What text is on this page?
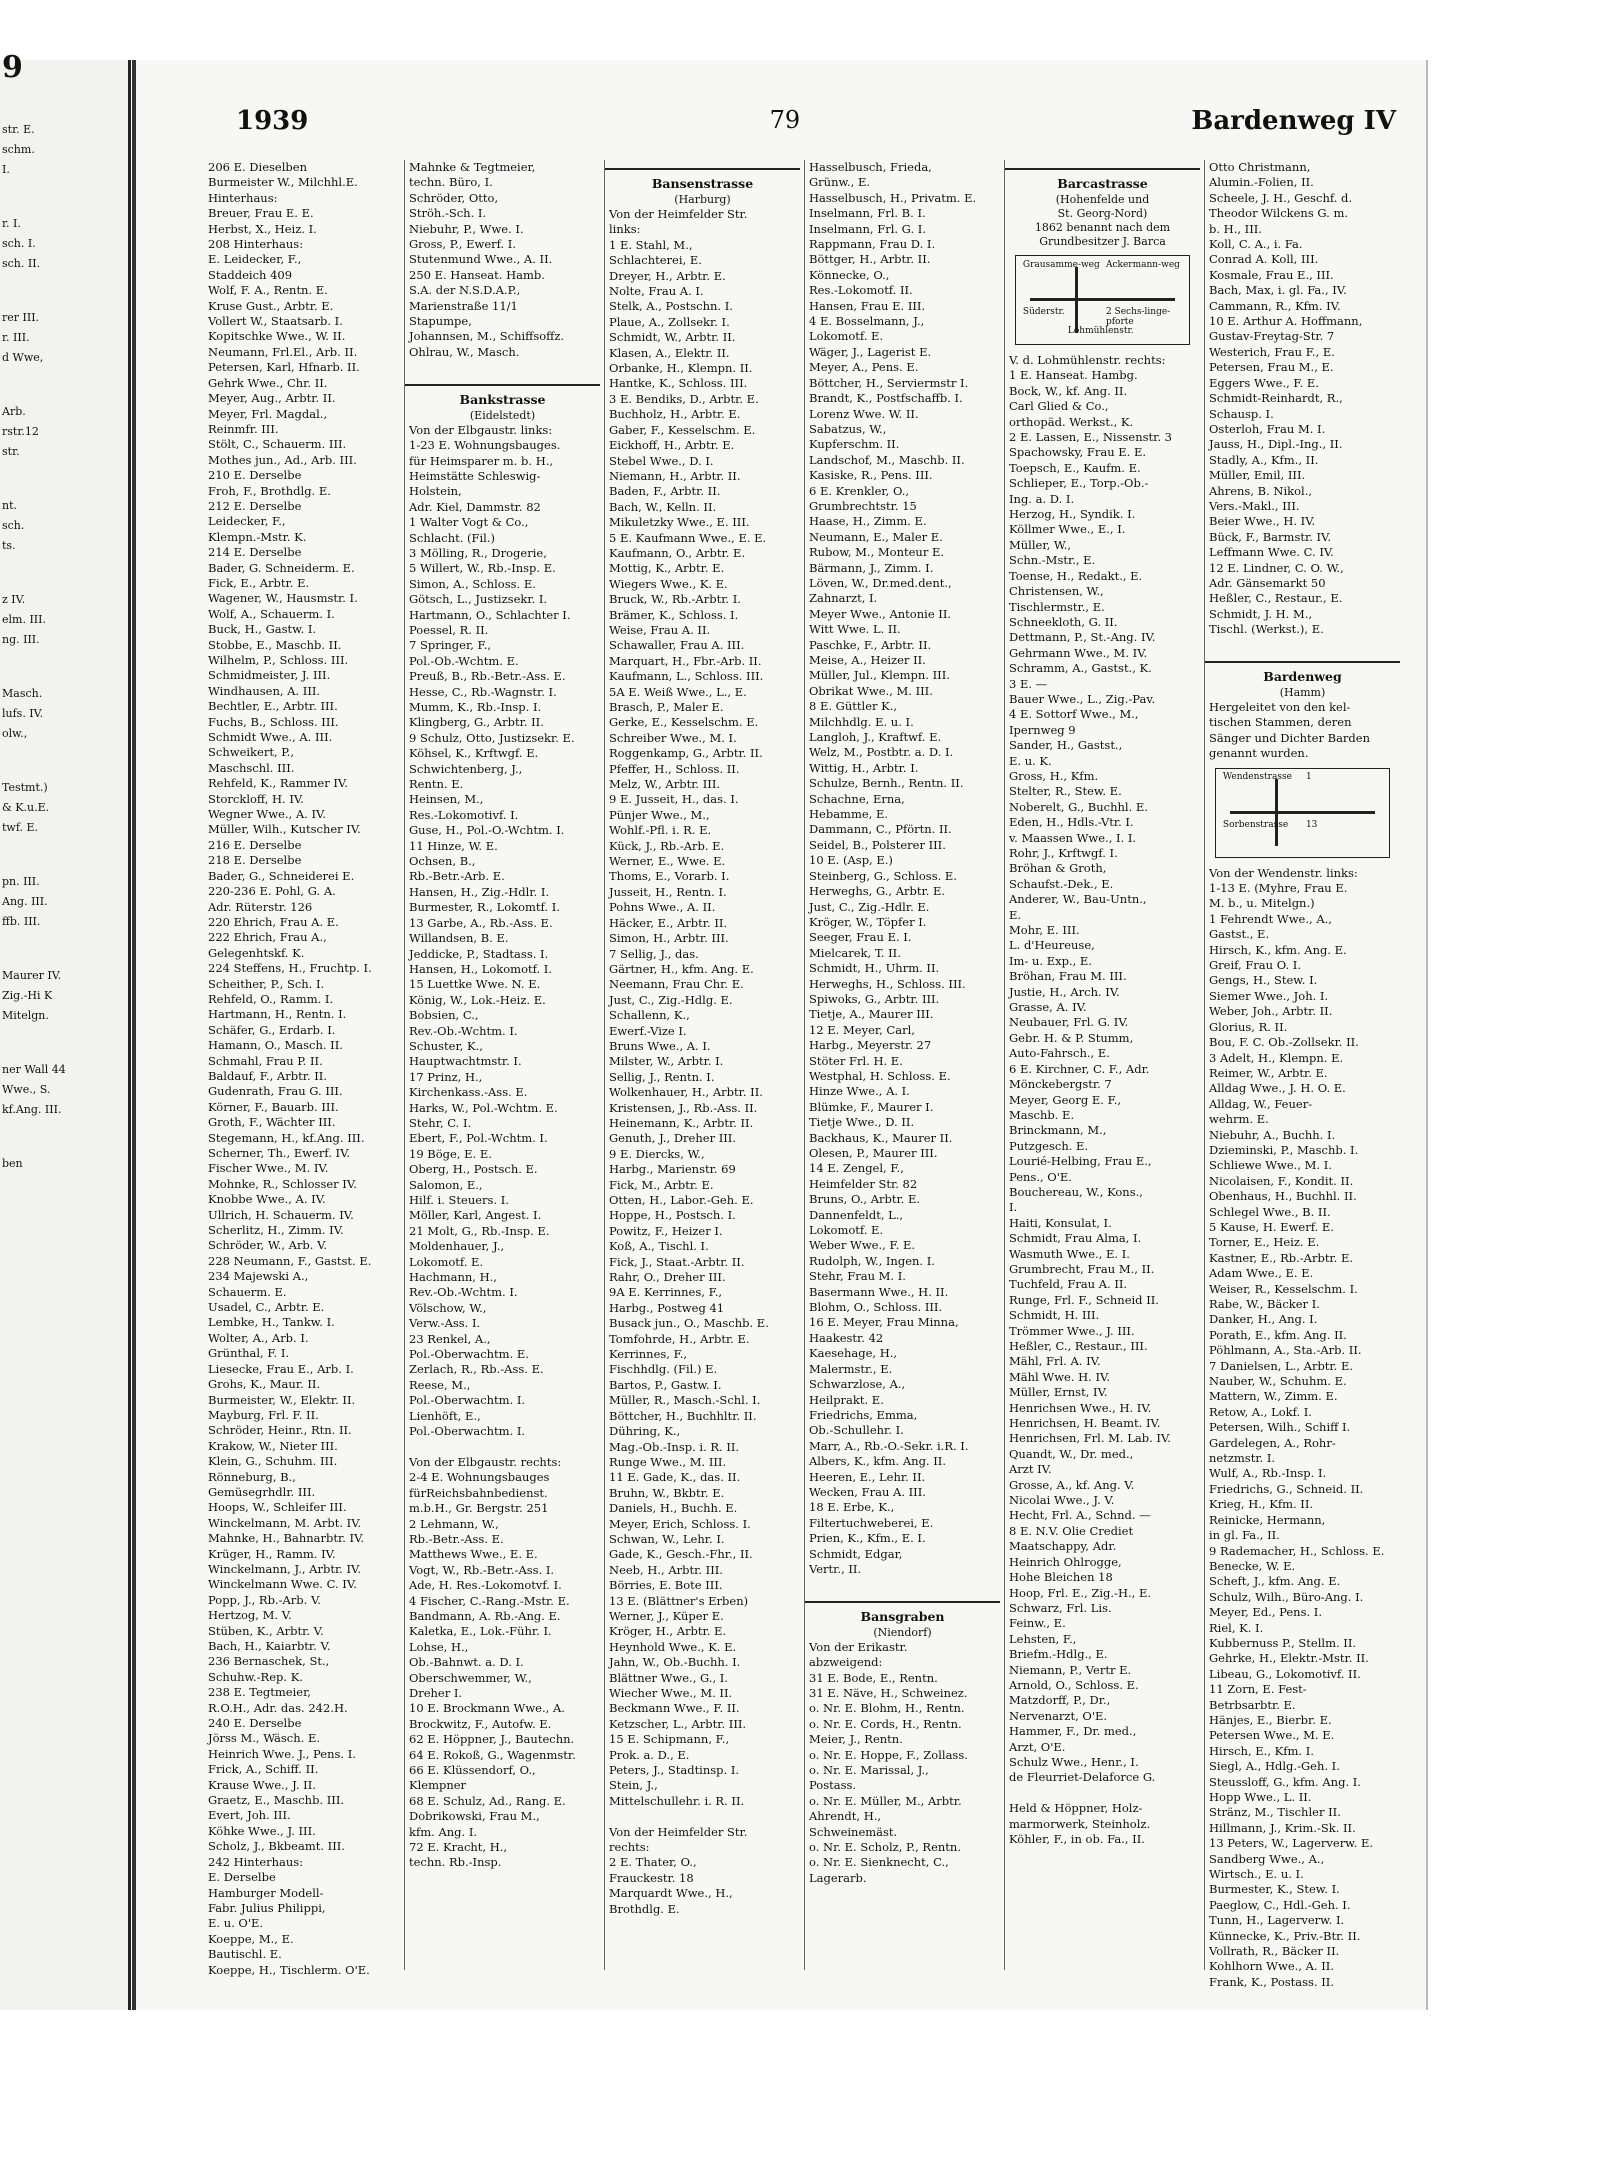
9
str. E.
schm.
I.
r. I.
sch. I.
sch. II.
rer III.
r. III.
d Wwe,
Arb.
rstr.12
str.
nt.
sch.
ts.
z IV.
elm. III.
ng. III.
Masch.
lufs. IV.
olw.,
Testmt.)
& K.u.E.
twf. E.
pn. III.
Ang. III.
ffb. III.
Maurer IV.
Zig.-Hi K
Mitelgn.
ner Wall 44
Wwe., S.
kf.Ang. III.
ben
1939	79	Bardenweg IV
206 E. Dieselben
Burmeister W., Milchhl.E.
Hinterhaus:
Breuer, Frau E. E.
Herbst, X., Heiz. I.
208 Hinterhaus:
E. Leidecker, F.,
Staddeich 409
Wolf, F. A., Rentn. E.
Kruse Gust., Arbtr. E.
Vollert W., Staatsarb. I.
Kopitschke Wwe., W. II.
Neumann, Frl.El., Arb. II.
Petersen, Karl, Hfnarb. II.
Gehrk Wwe., Chr. II.
Meyer, Aug., Arbtr. II.
Meyer, Frl. Magdal.,
Reinmfr. III.
Stölt, C., Schauerm. III.
Mothes jun., Ad., Arb. III.
210 E. Derselbe
Froh, F., Brothdlg. E.
212 E. Derselbe
Leidecker, F.,
Klempn.-Mstr. K.
214 E. Derselbe
Bader, G. Schneiderm. E.
Fick, E., Arbtr. E.
Wagener, W., Hausmstr. I.
Wolf, A., Schauerm. I.
Buck, H., Gastw. I.
Stobbe, E., Maschb. II.
Wilhelm, P., Schloss. III.
Schmidmeister, J. III.
Windhausen, A. III.
Bechtler, E., Arbtr. III.
Fuchs, B., Schloss. III.
Schmidt Wwe., A. III.
Schweikert, P.,
Maschschl. III.
Rehfeld, K., Rammer IV.
Storckloff, H. IV.
Wegner Wwe., A. IV.
Müller, Wilh., Kutscher IV.
216 E. Derselbe
218 E. Derselbe
Bader, G., Schneiderei E.
220-236 E. Pohl, G. A.
Adr. Rüterstr. 126
220 Ehrich, Frau A. E.
222 Ehrich, Frau A.,
Gelegenhtskf. K.
224 Steffens, H., Fruchtp. I.
Scheither, P., Sch. I.
Rehfeld, O., Ramm. I.
Hartmann, H., Rentn. I.
Schäfer, G., Erdarb. I.
Hamann, O., Masch. II.
Schmahl, Frau P. II.
Baldauf, F., Arbtr. II.
Gudenrath, Frau G. III.
Körner, F., Bauarb. III.
Groth, F., Wächter III.
Stegemann, H., kf.Ang. III.
Scherner, Th., Ewerf. IV.
Fischer Wwe., M. IV.
Mohnke, R., Schlosser IV.
Knobbe Wwe., A. IV.
Ullrich, H. Schauerm. IV.
Scherlitz, H., Zimm. IV.
Schröder, W., Arb. V.
228 Neumann, F., Gastst. E.
234 Majewski A.,
Schauerm. E.
Usadel, C., Arbtr. E.
Lembke, H., Tankw. I.
Wolter, A., Arb. I.
Grünthal, F. I.
Liesecke, Frau E., Arb. I.
Grohs, K., Maur. II.
Burmeister, W., Elektr. II.
Mayburg, Frl. F. II.
Schröder, Heinr., Rtn. II.
Krakow, W., Nieter III.
Klein, G., Schuhm. III.
Rönneburg, B.,
Gemüsegrhdlr. III.
Hoops, W., Schleifer III.
Winckelmann, M. Arbt. IV.
Mahnke, H., Bahnarbtr. IV.
Krüger, H., Ramm. IV.
Winckelmann, J., Arbtr. IV.
Winckelmann Wwe. C. IV.
Popp, J., Rb.-Arb. V.
Hertzog, M. V.
Stüben, K., Arbtr. V.
Bach, H., Kaiarbtr. V.
236 Bernaschek, St.,
Schuhw.-Rep. K.
238 E. Tegtmeier,
R.O.H., Adr. das. 242.H.
240 E. Derselbe
Jörss M., Wäsch. E.
Heinrich Wwe. J., Pens. I.
Frick, A., Schiff. II.
Krause Wwe., J. II.
Graetz, E., Maschb. III.
Evert, Joh. III.
Köhke Wwe., J. III.
Scholz, J., Bkbeamt. III.
242 Hinterhaus:
E. Derselbe
Hamburger Modell-
Fabr. Julius Philippi,
E. u. O'E.
Koeppe, M., E.
Bautischl. E.
Koeppe, H., Tischlerm. O'E.
Mahnke & Tegtmeier,
techn. Büro, I.
Schröder, Otto,
Ströh.-Sch. I.
Niebuhr, P., Wwe. I.
Gross, P., Ewerf. I.
Stutenmund Wwe., A. II.
250 E. Hanseat. Hamb.
S.A. der N.S.D.A.P.,
Marienstraße 11/1
Stapumpe,
Johannsen, M., Schiffsoffz.
Ohlrau, W., Masch.

Bankstrasse
(Eidelstedt)
Von der Elbgaustr. links:
1-23 E. Wohnungsbauges.
für Heimsparer m. b. H.,
Heimstätte Schleswig-
Holstein,
Adr. Kiel, Dammstr. 82
1 Walter Vogt & Co.,
Schlacht. (Fil.)
3 Mölling, R., Drogerie,
5 Willert, W., Rb.-Insp. E.
Simon, A., Schloss. E.
Götsch, L., Justizsekr. I.
Hartmann, O., Schlachter I.
Poessel, R. II.
7 Springer, F.,
Pol.-Ob.-Wchtm. E.
Preuß, B., Rb.-Betr.-Ass. E.
Hesse, C., Rb.-Wagnstr. I.
Mumm, K., Rb.-Insp. I.
Klingberg, G., Arbtr. II.
9 Schulz, Otto, Justizsekr. E.
Köhsel, K., Krftwgf. E.
Schwichtenberg, J.,
Rentn. E.
Heinsen, M.,
Res.-Lokomotivf. I.
Guse, H., Pol.-O.-Wchtm. I.
11 Hinze, W. E.
Ochsen, B.,
Rb.-Betr.-Arb. E.
Hansen, H., Zig.-Hdlr. I.
Burmester, R., Lokomtf. I.
13 Garbe, A., Rb.-Ass. E.
Willandsen, B. E.
Jeddicke, P., Stadtass. I.
Hansen, H., Lokomotf. I.
15 Luettke Wwe. N. E.
König, W., Lok.-Heiz. E.
Bobsien, C.,
Rev.-Ob.-Wchtm. I.
Schuster, K.,
Hauptwachtmstr. I.
17 Prinz, H.,
Kirchenkass.-Ass. E.
Harks, W., Pol.-Wchtm. E.
Stehr, C. I.
Ebert, F., Pol.-Wchtm. I.
19 Böge, E. E.
Oberg, H., Postsch. E.
Salomon, E.,
Hilf. i. Steuers. I.
Möller, Karl, Angest. I.
21 Molt, G., Rb.-Insp. E.
Moldenhauer, J.,
Lokomotf. E.
Hachmann, H.,
Rev.-Ob.-Wchtm. I.
Völschow, W.,
Verw.-Ass. I.
23 Renkel, A.,
Pol.-Oberwachtm. E.
Zerlach, R., Rb.-Ass. E.
Reese, M.,
Pol.-Oberwachtm. I.
Lienhöft, E.,
Pol.-Oberwachtm. I.

Von der Elbgaustr. rechts:
2-4 E. Wohnungsbauges
fürReichsbahnbedienst.
m.b.H., Gr. Bergstr. 251
2 Lehmann, W.,
Rb.-Betr.-Ass. E.
Matthews Wwe., E. E.
Vogt, W., Rb.-Betr.-Ass. I.
Ade, H. Res.-Lokomotvf. I.
4 Fischer, C.-Rang.-Mstr. E.
Bandmann, A. Rb.-Ang. E.
Kaletka, E., Lok.-Führ. I.
Lohse, H.,
Ob.-Bahnwt. a. D. I.
Oberschwemmer, W.,
Dreher I.
10 E. Brockmann Wwe., A.
Brockwitz, F., Autofw. E.
62 E. Höppner, J., Bautechn.
64 E. Rokoß, G., Wagenmstr.
66 E. Klüssendorf, O.,
Klempner
68 E. Schulz, Ad., Rang. E.
Dobrikowski, Frau M.,
kfm. Ang. I.
72 E. Kracht, H.,
techn. Rb.-Insp.
Bansenstrasse
(Harburg)
Von der Heimfelder Str.
links:
1 E. Stahl, M.,
Schlachterei, E.
Dreyer, H., Arbtr. E.
Nolte, Frau A. I.
Stelk, A., Postschn. I.
Plaue, A., Zollsekr. I.
Schmidt, W., Arbtr. II.
Klasen, A., Elektr. II.
Orbanke, H., Klempn. II.
Hantke, K., Schloss. III.
3 E. Bendiks, D., Arbtr. E.
Buchholz, H., Arbtr. E.
Gaber, F., Kesselschm. E.
Eickhoff, H., Arbtr. E.
Stebel Wwe., D. I.
Niemann, H., Arbtr. II.
Baden, F., Arbtr. II.
Bach, W., Kelln. II.
Mikuletzky Wwe., E. III.
5 E. Kaufmann Wwe., E. E.
Kaufmann, O., Arbtr. E.
Mottig, K., Arbtr. E.
Wiegers Wwe., K. E.
Bruck, W., Rb.-Arbtr. I.
Brämer, K., Schloss. I.
Weise, Frau A. II.
Schawaller, Frau A. III.
Marquart, H., Fbr.-Arb. II.
Kaufmann, L., Schloss. III.
5A E. Weiß Wwe., L., E.
Brasch, P., Maler E.
Gerke, E., Kesselschm. E.
Schreiber Wwe., M. I.
Roggenkamp, G., Arbtr. II.
Pfeffer, H., Schloss. II.
Melz, W., Arbtr. III.
9 E. Jusseit, H., das. I.
Pünjer Wwe., M.,
Wohlf.-Pfl. i. R. E.
Kück, J., Rb.-Arb. E.
Werner, E., Wwe. E.
Thoms, E., Vorarb. I.
Jusseit, H., Rentn. I.
Pohns Wwe., A. II.
Häcker, E., Arbtr. II.
Simon, H., Arbtr. III.
7 Sellig, J., das.
Gärtner, H., kfm. Ang. E.
Neemann, Frau Chr. E.
Just, C., Zig.-Hdlg. E.
Schallenn, K.,
Ewerf.-Vize I.
Bruns Wwe., A. I.
Milster, W., Arbtr. I.
Sellig, J., Rentn. I.
Wolkenhauer, H., Arbtr. II.
Kristensen, J., Rb.-Ass. II.
Heinemann, K., Arbtr. II.
Genuth, J., Dreher III.
9 E. Diercks, W.,
Harbg., Marienstr. 69
Fick, M., Arbtr. E.
Otten, H., Labor.-Geh. E.
Hoppe, H., Postsch. I.
Powitz, F., Heizer I.
Koß, A., Tischl. I.
Fick, J., Staat.-Arbtr. II.
Rahr, O., Dreher III.
9A E. Kerrinnes, F.,
Harbg., Postweg 41
Busack jun., O., Maschb. E.
Tomfohrde, H., Arbtr. E.
Kerrinnes, F.,
Fischhdlg. (Fil.) E.
Bartos, P., Gastw. I.
Müller, R., Masch.-Schl. I.
Böttcher, H., Buchhltr. II.
Dühring, K.,
Mag.-Ob.-Insp. i. R. II.
Runge Wwe., M. III.
11 E. Gade, K., das. II.
Bruhn, W., Bkbtr. E.
Daniels, H., Buchh. E.
Meyer, Erich, Schloss. I.
Schwan, W., Lehr. I.
Gade, K., Gesch.-Fhr., II.
Neeb, H., Arbtr. III.
Börries, E. Bote III.
13 E. (Blättner's Erben)
Werner, J., Küper E.
Kröger, H., Arbtr. E.
Heynhold Wwe., K. E.
Jahn, W., Ob.-Buchh. I.
Blättner Wwe., G., I.
Wiecher Wwe., M. II.
Beckmann Wwe., F. II.
Ketzscher, L., Arbtr. III.
15 E. Schipmann, F.,
Prok. a. D., E.
Peters, J., Stadtinsp. I.
Stein, J.,
Mittelschullehr. i. R. II.

Von der Heimfelder Str.
rechts:
2 E. Thater, O.,
Frauckestr. 18
Marquardt Wwe., H.,
Brothdlg. E.
Hasselbusch, Frieda,
Grünw., E.
Hasselbusch, H., Privatm. E.
Inselmann, Frl. B. I.
Inselmann, Frl. G. I.
Rappmann, Frau D. I.
Böttger, H., Arbtr. II.
Könnecke, O.,
Res.-Lokomotf. II.
Hansen, Frau E. III.
4 E. Bosselmann, J.,
Lokomotf. E.
Wäger, J., Lagerist E.
Meyer, A., Pens. E.
Böttcher, H., Serviermstr I.
Brandt, K., Postfschaffb. I.
Lorenz Wwe. W. II.
Sabatzus, W.,
Kupferschm. II.
Landschof, M., Maschb. II.
Kasiske, R., Pens. III.
6 E. Krenkler, O.,
Grumbrechtstr. 15
Haase, H., Zimm. E.
Neumann, E., Maler E.
Rubow, M., Monteur E.
Bärmann, J., Zimm. I.
Löven, W., Dr.med.dent.,
Zahnarzt, I.
Meyer Wwe., Antonie II.
Witt Wwe. L. II.
Paschke, F., Arbtr. II.
Meise, A., Heizer II.
Müller, Jul., Klempn. III.
Obrikat Wwe., M. III.
8 E. Güttler K.,
Milchhdlg. E. u. I.
Langloh, J., Kraftwf. E.
Welz, M., Postbtr. a. D. I.
Wittig, H., Arbtr. I.
Schulze, Bernh., Rentn. II.
Schachne, Erna,
Hebamme, E.
Dammann, C., Pförtn. II.
Seidel, B., Polsterer III.
10 E. (Asp, E.)
Steinberg, G., Schloss. E.
Herweghs, G., Arbtr. E.
Just, C., Zig.-Hdlr. E.
Kröger, W., Töpfer I.
Seeger, Frau E. I.
Mielcarek, T. II.
Schmidt, H., Uhrm. II.
Herweghs, H., Schloss. III.
Spiwoks, G., Arbtr. III.
Tietje, A., Maurer III.
12 E. Meyer, Carl,
Harbg., Meyerstr. 27
Stöter Frl. H. E.
Westphal, H. Schloss. E.
Hinze Wwe., A. I.
Blümke, F., Maurer I.
Tietje Wwe., D. II.
Backhaus, K., Maurer II.
Olesen, P., Maurer III.
14 E. Zengel, F.,
Heimfelder Str. 82
Bruns, O., Arbtr. E.
Dannenfeldt, L.,
Lokomotf. E.
Weber Wwe., F. E.
Rudolph, W., Ingen. I.
Stehr, Frau M. I.
Basermann Wwe., H. II.
Blohm, O., Schloss. III.
16 E. Meyer, Frau Minna,
Haakestr. 42
Kaesehage, H.,
Malermstr., E.
Schwarzlose, A.,
Heilprakt. E.
Friedrichs, Emma,
Ob.-Schullehr. I.
Marr, A., Rb.-O.-Sekr. i.R. I.
Albers, K., kfm. Ang. II.
Heeren, E., Lehr. II.
Wecken, Frau A. III.
18 E. Erbe, K.,
Filtertuchweberei, E.
Prien, K., Kfm., E. I.
Schmidt, Edgar,
Vertr., II.

Bansgraben
(Niendorf)
Von der Erikastr.
abzweigend:
31 E. Bode, E., Rentn.
31 E. Näve, H., Schweinez.
o. Nr. E. Blohm, H., Rentn.
o. Nr. E. Cords, H., Rentn.
Meier, J., Rentn.
o. Nr. E. Hoppe, F., Zollass.
o. Nr. E. Marissal, J.,
Postass.
o. Nr. E. Müller, M., Arbtr.
Ahrendt, H.,
Schweinemäst.
o. Nr. E. Scholz, P., Rentn.
o. Nr. E. Sienknecht, C.,
Lagerarb.
Barcastrasse
(Hohenfelde und
St. Georg-Nord)
1862 benannt nach dem
Grundbesitzer J. Barca
Grausamme-weg
Süderstr.
Ackermann-weg
2 Sechs-linge-pforte
Lohmühlenstr.
V. d. Lohmühlenstr. rechts:
1 E. Hanseat. Hambg.
Bock, W., kf. Ang. II.
Carl Glied & Co.,
orthopäd. Werkst., K.
2 E. Lassen, E., Nissenstr. 3
Spachowsky, Frau E. E.
Toepsch, E., Kaufm. E.
Schlieper, E., Torp.-Ob.-
Ing. a. D. I.
Herzog, H., Syndik. I.
Köllmer Wwe., E., I.
Müller, W.,
Schn.-Mstr., E.
Toense, H., Redakt., E.
Christensen, W.,
Tischlermstr., E.
Schneekloth, G. II.
Dettmann, P., St.-Ang. IV.
Gehrmann Wwe., M. IV.
Schramm, A., Gastst., K.
3 E. —
Bauer Wwe., L., Zig.-Pav.
4 E. Sottorf Wwe., M.,
Ipernweg 9
Sander, H., Gastst.,
E. u. K.
Gross, H., Kfm.
Stelter, R., Stew. E.
Noberelt, G., Buchhl. E.
Eden, H., Hdls.-Vtr. I.
v. Maassen Wwe., I. I.
Rohr, J., Krftwgf. I.
Bröhan & Groth,
Schaufst.-Dek., E.
Anderer, W., Bau-Untn.,
E.
Mohr, E. III.
L. d'Heureuse,
Im- u. Exp., E.
Bröhan, Frau M. III.
Justie, H., Arch. IV.
Grasse, A. IV.
Neubauer, Frl. G. IV.
Gebr. H. & P. Stumm,
Auto-Fahrsch., E.
6 E. Kirchner, C. F., Adr.
Mönckebergstr. 7
Meyer, Georg E. F.,
Maschb. E.
Brinckmann, M.,
Putzgesch. E.
Lourié-Helbing, Frau E.,
Pens., O'E.
Boucherеau, W., Kons.,
I.
Haiti, Konsulat, I.
Schmidt, Frau Alma, I.
Wasmuth Wwe., E. I.
Grumbrecht, Frau M., II.
Tuchfeld, Frau A. II.
Runge, Frl. F., Schneid II.
Schmidt, H. III.
Trömmer Wwe., J. III.
Heßler, C., Restaur., III.
Mähl, Frl. A. IV.
Mähl Wwe. H. IV.
Müller, Ernst, IV.
Henrichsen Wwe., H. IV.
Henrichsen, H. Beamt. IV.
Henrichsen, Frl. M. Lab. IV.
Quandt, W., Dr. med.,
Arzt IV.
Grosse, A., kf. Ang. V.
Nicolai Wwe., J. V.
Hecht, Frl. A., Schnd. —
8 E. N.V. Olie Crediet
Maatschappy, Adr.
Heinrich Ohlrogge,
Hohe Bleichen 18
Hoop, Frl. E., Zig.-H., E.
Schwarz, Frl. Lis.
Feinw., E.
Lehsten, F.,
Briefm.-Hdlg., E.
Niemann, P., Vertr E.
Arnold, O., Schloss. E.
Matzdorff, P., Dr.,
Nervenarzt, O'E.
Hammer, F., Dr. med.,
Arzt, O'E.
Schulz Wwe., Henr., I.
de Fleurriet-Delaforce G.

Held & Höppner, Holz-
marmorwerk, Steinholz.
Köhler, F., in ob. Fa., II.
Otto Christmann,
Alumin.-Folien, II.
Scheele, J. H., Geschf. d.
Theodor Wilckens G. m.
b. H., III.
Koll, C. A., i. Fa.
Conrad A. Koll, III.
Kosmale, Frau E., III.
Bach, Max, i. gl. Fa., IV.
Cammann, R., Kfm. IV.
10 E. Arthur A. Hoffmann,
Gustav-Freytag-Str. 7
Westerich, Frau F., E.
Petersen, Frau M., E.
Eggers Wwe., F. E.
Schmidt-Reinhardt, R.,
Schausp. I.
Osterloh, Frau M. I.
Jauss, H., Dipl.-Ing., II.
Stadly, A., Kfm., II.
Müller, Emil, III.
Ahrens, B. Nikol.,
Vers.-Makl., III.
Beier Wwe., H. IV.
Bück, F., Barmstr. IV.
Leffmann Wwe. C. IV.
12 E. Lindner, C. O. W.,
Adr. Gänsemarkt 50
Heßler, C., Restaur., E.
Schmidt, J. H. M.,
Tischl. (Werkst.), E.

Bardenweg
(Hamm)
Hergeleitet von den kel-
tischen Stammen, deren
Sänger und Dichter Barden
genannt wurden.
Wendenstrasse
Sorbenstrasse
1
13
Von der Wendenstr. links:
1-13 E. (Myhre, Frau E.
M. b., u. Mitelgn.)
1 Fehrendt Wwe., A.,
Gastst., E.
Hirsch, K., kfm. Ang. E.
Greif, Frau O. I.
Gengs, H., Stew. I.
Siemer Wwe., Joh. I.
Weber, Joh., Arbtr. II.
Glorius, R. II.
Bou, F. C. Ob.-Zollsekr. II.
3 Adelt, H., Klempn. E.
Reimer, W., Arbtr. E.
Alldag Wwe., J. H. O. E.
Alldag, W., Feuer-
wehrm. E.
Niebuhr, A., Buchh. I.
Dzieminski, P., Maschb. I.
Schliewe Wwe., M. I.
Nicolaisen, F., Kondit. II.
Obenhaus, H., Buchhl. II.
Schlegel Wwe., B. II.
5 Kause, H. Ewerf. E.
Torner, E., Heiz. E.
Kastner, E., Rb.-Arbtr. E.
Adam Wwe., E. E.
Weiser, R., Kesselschm. I.
Rabe, W., Bäcker I.
Danker, H., Ang. I.
Porath, E., kfm. Ang. II.
Pöhlmann, A., Sta.-Arb. II.
7 Danielsen, L., Arbtr. E.
Nauber, W., Schuhm. E.
Mattern, W., Zimm. E.
Retow, A., Lokf. I.
Petersen, Wilh., Schiff I.
Gardelegen, A., Rohr-
netzmstr. I.
Wulf, A., Rb.-Insp. I.
Friedrichs, G., Schneid. II.
Krieg, H., Kfm. II.
Reinicke, Hermann,
in gl. Fa., II.
9 Rademacher, H., Schloss. E.
Benecke, W. E.
Scheft, J., kfm. Ang. E.
Schulz, Wilh., Büro-Ang. I.
Meyer, Ed., Pens. I.
Riel, K. I.
Kubbernuss P., Stellm. II.
Gehrke, H., Elektr.-Mstr. II.
Libeau, G., Lokomotivf. II.
11 Zorn, E. Fest-
Betrbsarbtr. E.
Hänjes, E., Bierbr. E.
Petersen Wwe., M. E.
Hirsch, E., Kfm. I.
Siegl, A., Hdlg.-Geh. I.
Steussloff, G., kfm. Ang. I.
Hopp Wwe., L. II.
Stränz, M., Tischler II.
Hillmann, J., Krim.-Sk. II.
13 Peters, W., Lagerverw. E.
Sandberg Wwe., A.,
Wirtsch., E. u. I.
Burmester, K., Stew. I.
Paeglow, C., Hdl.-Geh. I.
Tunn, H., Lagerverw. I.
Künnecke, K., Priv.-Btr. II.
Vollrath, R., Bäcker II.
Kohlhorn Wwe., A. II.
Frank, K., Postass. II.
